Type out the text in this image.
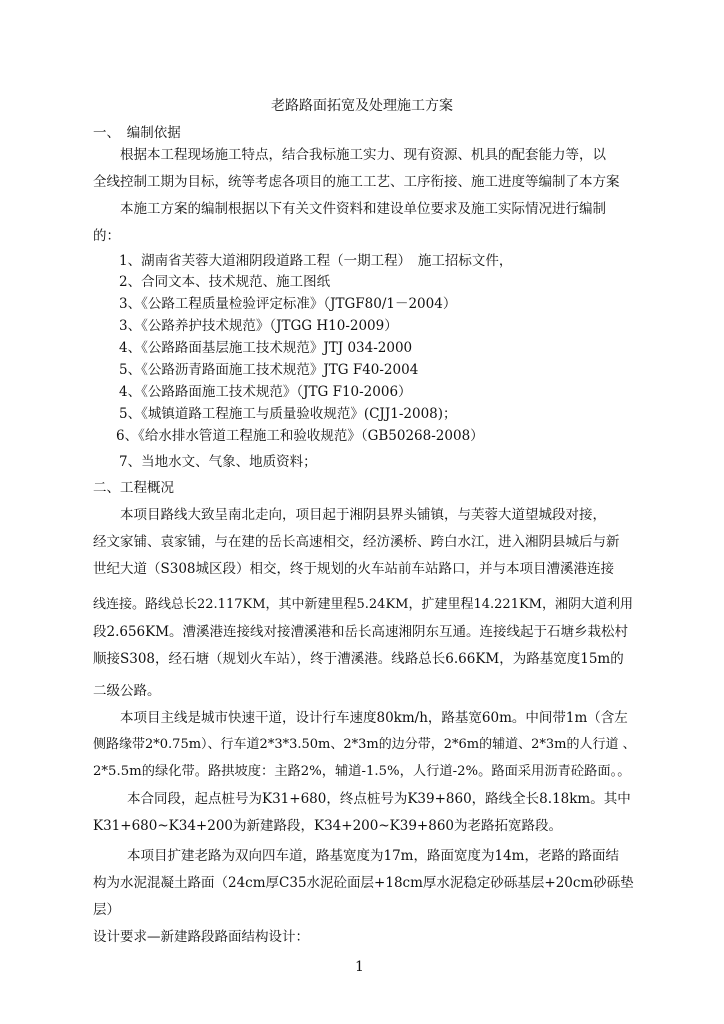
老路路面拓宽及处理施工方案
一、　编制依据
根据本工程现场施工特点，结合我标施工实力、现有资源、机具的配套能力等，以
全线控制工期为目标，统等考虑各项目的施工工艺、工序衔接、施工进度等编制了本方案
本施工方案的编制根据以下有关文件资料和建设单位要求及施工实际情况进行编制
的：
1、湖南省芙蓉大道湘阴段道路工程（一期工程）　施工招标文件，
2、合同文本、技术规范、施工图纸
3、《公路工程质量检验评定标准》（JTGF80/1－2004）
3、《公路养护技术规范》（JTGG H10-2009）
4、《公路路面基层施工技术规范》JTJ 034-2000
5、《公路沥青路面施工技术规范》JTG F40-2004
4、《公路路面施工技术规范》（JTG F10-2006）
5、《城镇道路工程施工与质量验收规范》(CJJ1-2008)；
6、《给水排水管道工程施工和验收规范》（GB50268-2008）
7、当地水文、气象、地质资料；
二、工程概况
本项目路线大致呈南北走向，项目起于湘阴县界头铺镇，与芙蓉大道望城段对接，
经文家铺、袁家铺，与在建的岳长高速相交，经汸溪桥、跨白水江，进入湘阴县城后与新
世纪大道（S308城区段）相交，终于规划的火车站前车站路口，并与本项目漕溪港连接
线连接。路线总长22.117KM，其中新建里程5.24KM，扩建里程14.221KM，湘阴大道利用
段2.656KM。漕溪港连接线对接漕溪港和岳长高速湘阴东互通。连接线起于石塘乡栽松村
顺接S308，经石塘（规划火车站），终于漕溪港。线路总长6.66KM，为路基宽度15m的
二级公路。
本项目主线是城市快速干道，设计行车速度80km/h，路基宽60m。中间带1m（含左
侧路缘带2*0.75m）、行车道2*3*3.50m、2*3m的边分带，2*6m的辅道、2*3m的人行道 、
2*5.5m的绿化带。路拱坡度：主路2%，辅道-1.5%，人行道-2%。路面采用沥青砼路面。。
本合同段，起点桩号为K31+680，终点桩号为K39+860，路线全长8.18km。其中
K31+680~K34+200为新建路段，K34+200~K39+860为老路拓宽路段。
本项目扩建老路为双向四车道，路基宽度为17m，路面宽度为14m，老路的路面结
构为水泥混凝土路面（24cm厚C35水泥砼面层+18cm厚水泥稳定砂砾基层+20cm砂砾垫
层）
设计要求—新建路段路面结构设计：
1
